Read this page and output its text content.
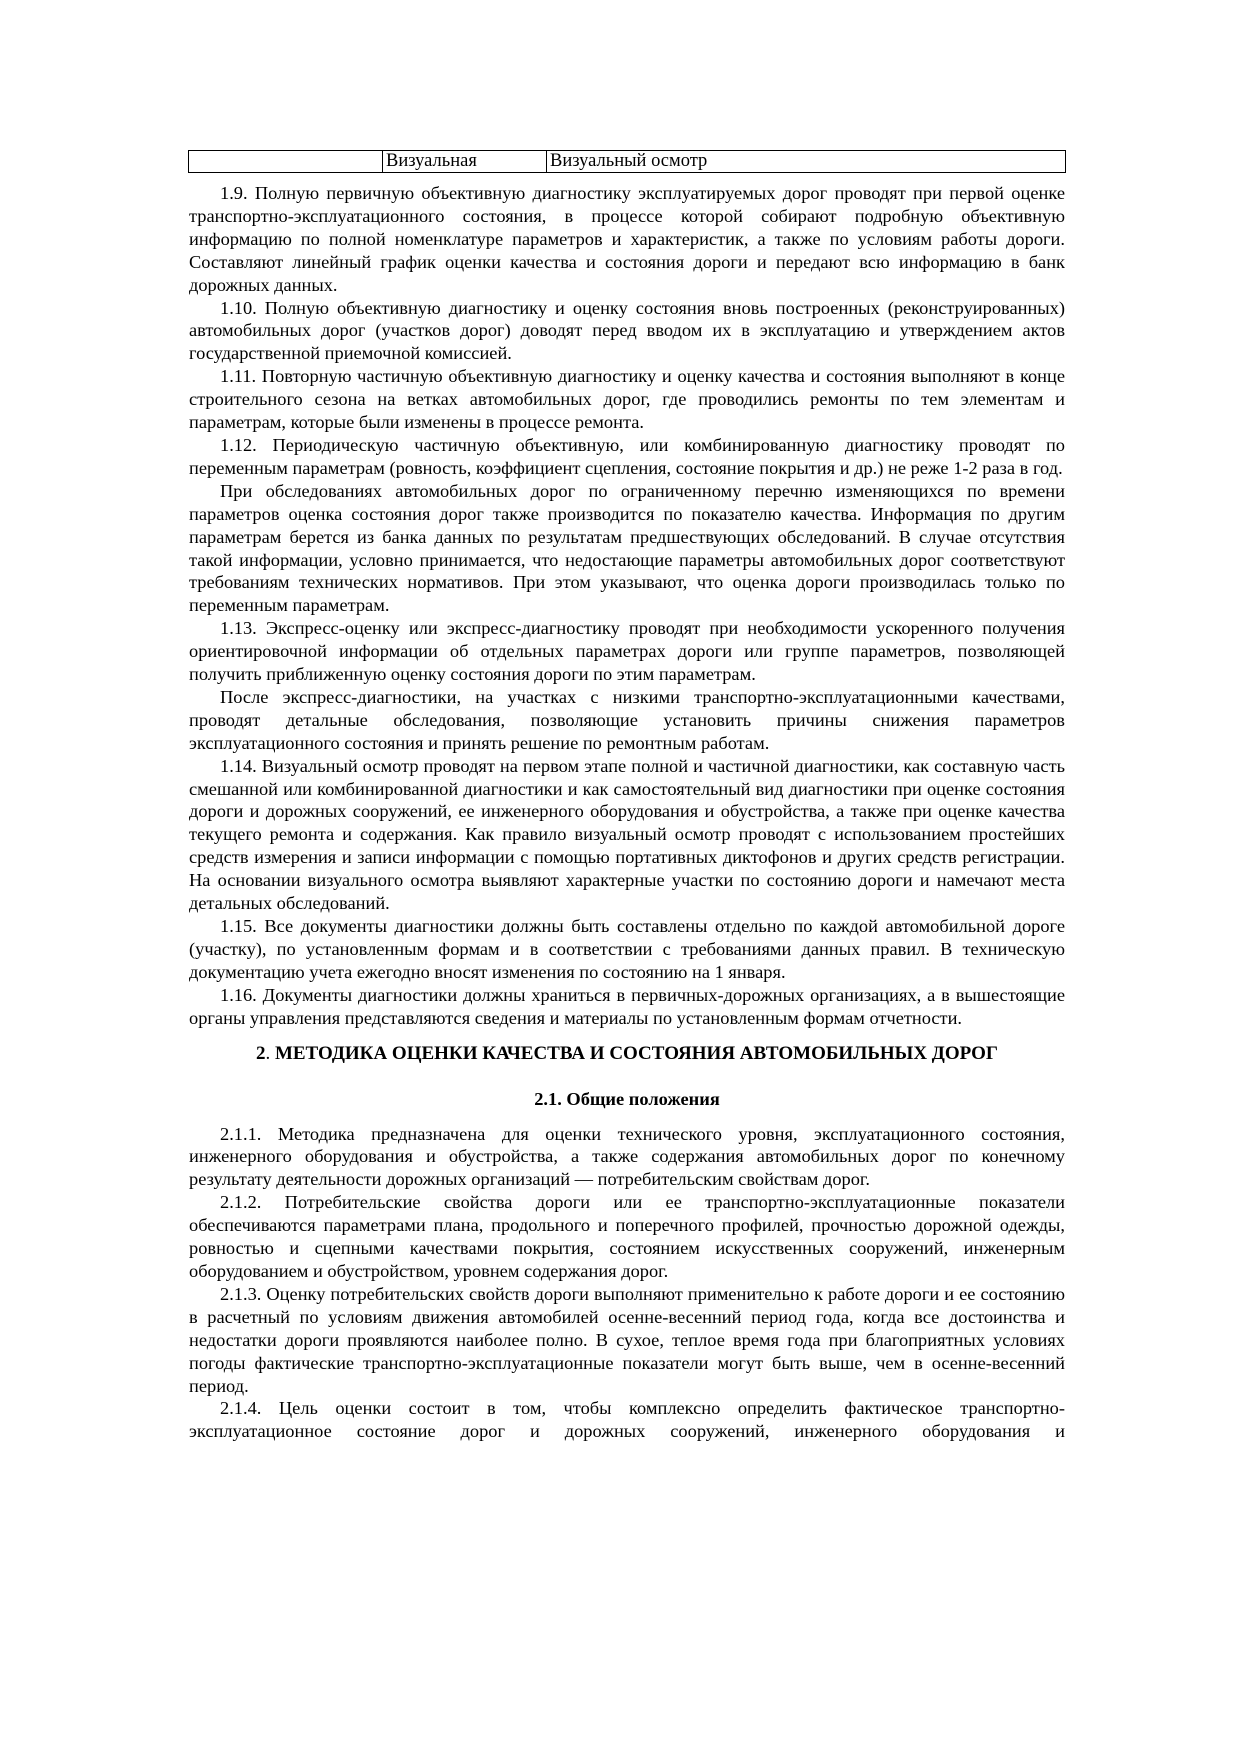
	Визуальная	Визуальный осмотр

1.9. Полную первичную объективную диагностику эксплуатируемых дорог проводят при первой оценке транспортно-эксплуатационного состояния, в процессе которой собирают подробную объективную информацию по полной номенклатуре параметров и характеристик, а также по условиям работы дороги. Составляют линейный график оценки качества и состояния дороги и передают всю информацию в банк дорожных данных.

1.10. Полную объективную диагностику и оценку состояния вновь построенных (реконструированных) автомобильных дорог (участков дорог) доводят перед вводом их в эксплуатацию и утверждением актов государственной приемочной комиссией.

1.11. Повторную частичную объективную диагностику и оценку качества и состояния выполняют в конце строительного сезона на ветках автомобильных дорог, где проводились ремонты по тем элементам и параметрам, которые были изменены в процессе ремонта.

1.12. Периодическую частичную объективную, или комбинированную диагностику проводят по переменным параметрам (ровность, коэффициент сцепления, состояние покрытия и др.) не реже 1-2 раза в год.

При обследованиях автомобильных дорог по ограниченному перечню изменяющихся по времени параметров оценка состояния дорог также производится по показателю качества. Информация по другим параметрам берется из банка данных по результатам предшествующих обследований. В случае отсутствия такой информации, условно принимается, что недостающие параметры автомобильных дорог соответствуют требованиям технических нормативов. При этом указывают, что оценка дороги производилась только по переменным параметрам.

1.13. Экспресс-оценку или экспресс-диагностику проводят при необходимости ускоренного получения ориентировочной информации об отдельных параметрах дороги или группе параметров, позволяющей получить приближенную оценку состояния дороги по этим параметрам.

После экспресс-диагностики, на участках с низкими транспортно-эксплуатационными качествами, проводят детальные обследования, позволяющие установить причины снижения параметров эксплуатационного состояния и принять решение по ремонтным работам.

1.14. Визуальный осмотр проводят на первом этапе полной и частичной диагностики, как составную часть смешанной или комбинированной диагностики и как самостоятельный вид диагностики при оценке состояния дороги и дорожных сооружений, ее инженерного оборудования и обустройства, а также при оценке качества текущего ремонта и содержания. Как правило визуальный осмотр проводят с использованием простейших средств измерения и записи информации с помощью портативных диктофонов и других средств регистрации. На основании визуального осмотра выявляют характерные участки по состоянию дороги и намечают места детальных обследований.

1.15. Все документы диагностики должны быть составлены отдельно по каждой автомобильной дороге (участку), по установленным формам и в соответствии с требованиями данных правил. В техническую документацию учета ежегодно вносят изменения по состоянию на 1 января.

1.16. Документы диагностики должны храниться в первичных-дорожных организациях, а в вышестоящие органы управления представляются сведения и материалы по установленным формам отчетности.

2. МЕТОДИКА ОЦЕНКИ КАЧЕСТВА И СОСТОЯНИЯ АВТОМОБИЛЬНЫХ ДОРОГ
2.1. Общие положения

2.1.1. Методика предназначена для оценки технического уровня, эксплуатационного состояния, инженерного оборудования и обустройства, а также содержания автомобильных дорог по конечному результату деятельности дорожных организаций — потребительским свойствам дорог.

2.1.2. Потребительские свойства дороги или ее транспортно-эксплуатационные показатели обеспечиваются параметрами плана, продольного и поперечного профилей, прочностью дорожной одежды, ровностью и сцепными качествами покрытия, состоянием искусственных сооружений, инженерным оборудованием и обустройством, уровнем содержания дорог.

2.1.3. Оценку потребительских свойств дороги выполняют применительно к работе дороги и ее состоянию в расчетный по условиям движения автомобилей осенне-весенний период года, когда все достоинства и недостатки дороги проявляются наиболее полно. В сухое, теплое время года при благоприятных условиях погоды фактические транспортно-эксплуатационные показатели могут быть выше, чем в осенне-весенний период.

2.1.4. Цель оценки состоит в том, чтобы комплексно определить фактическое транспортно-эксплуатационное состояние дорог и дорожных сооружений, инженерного оборудования и
